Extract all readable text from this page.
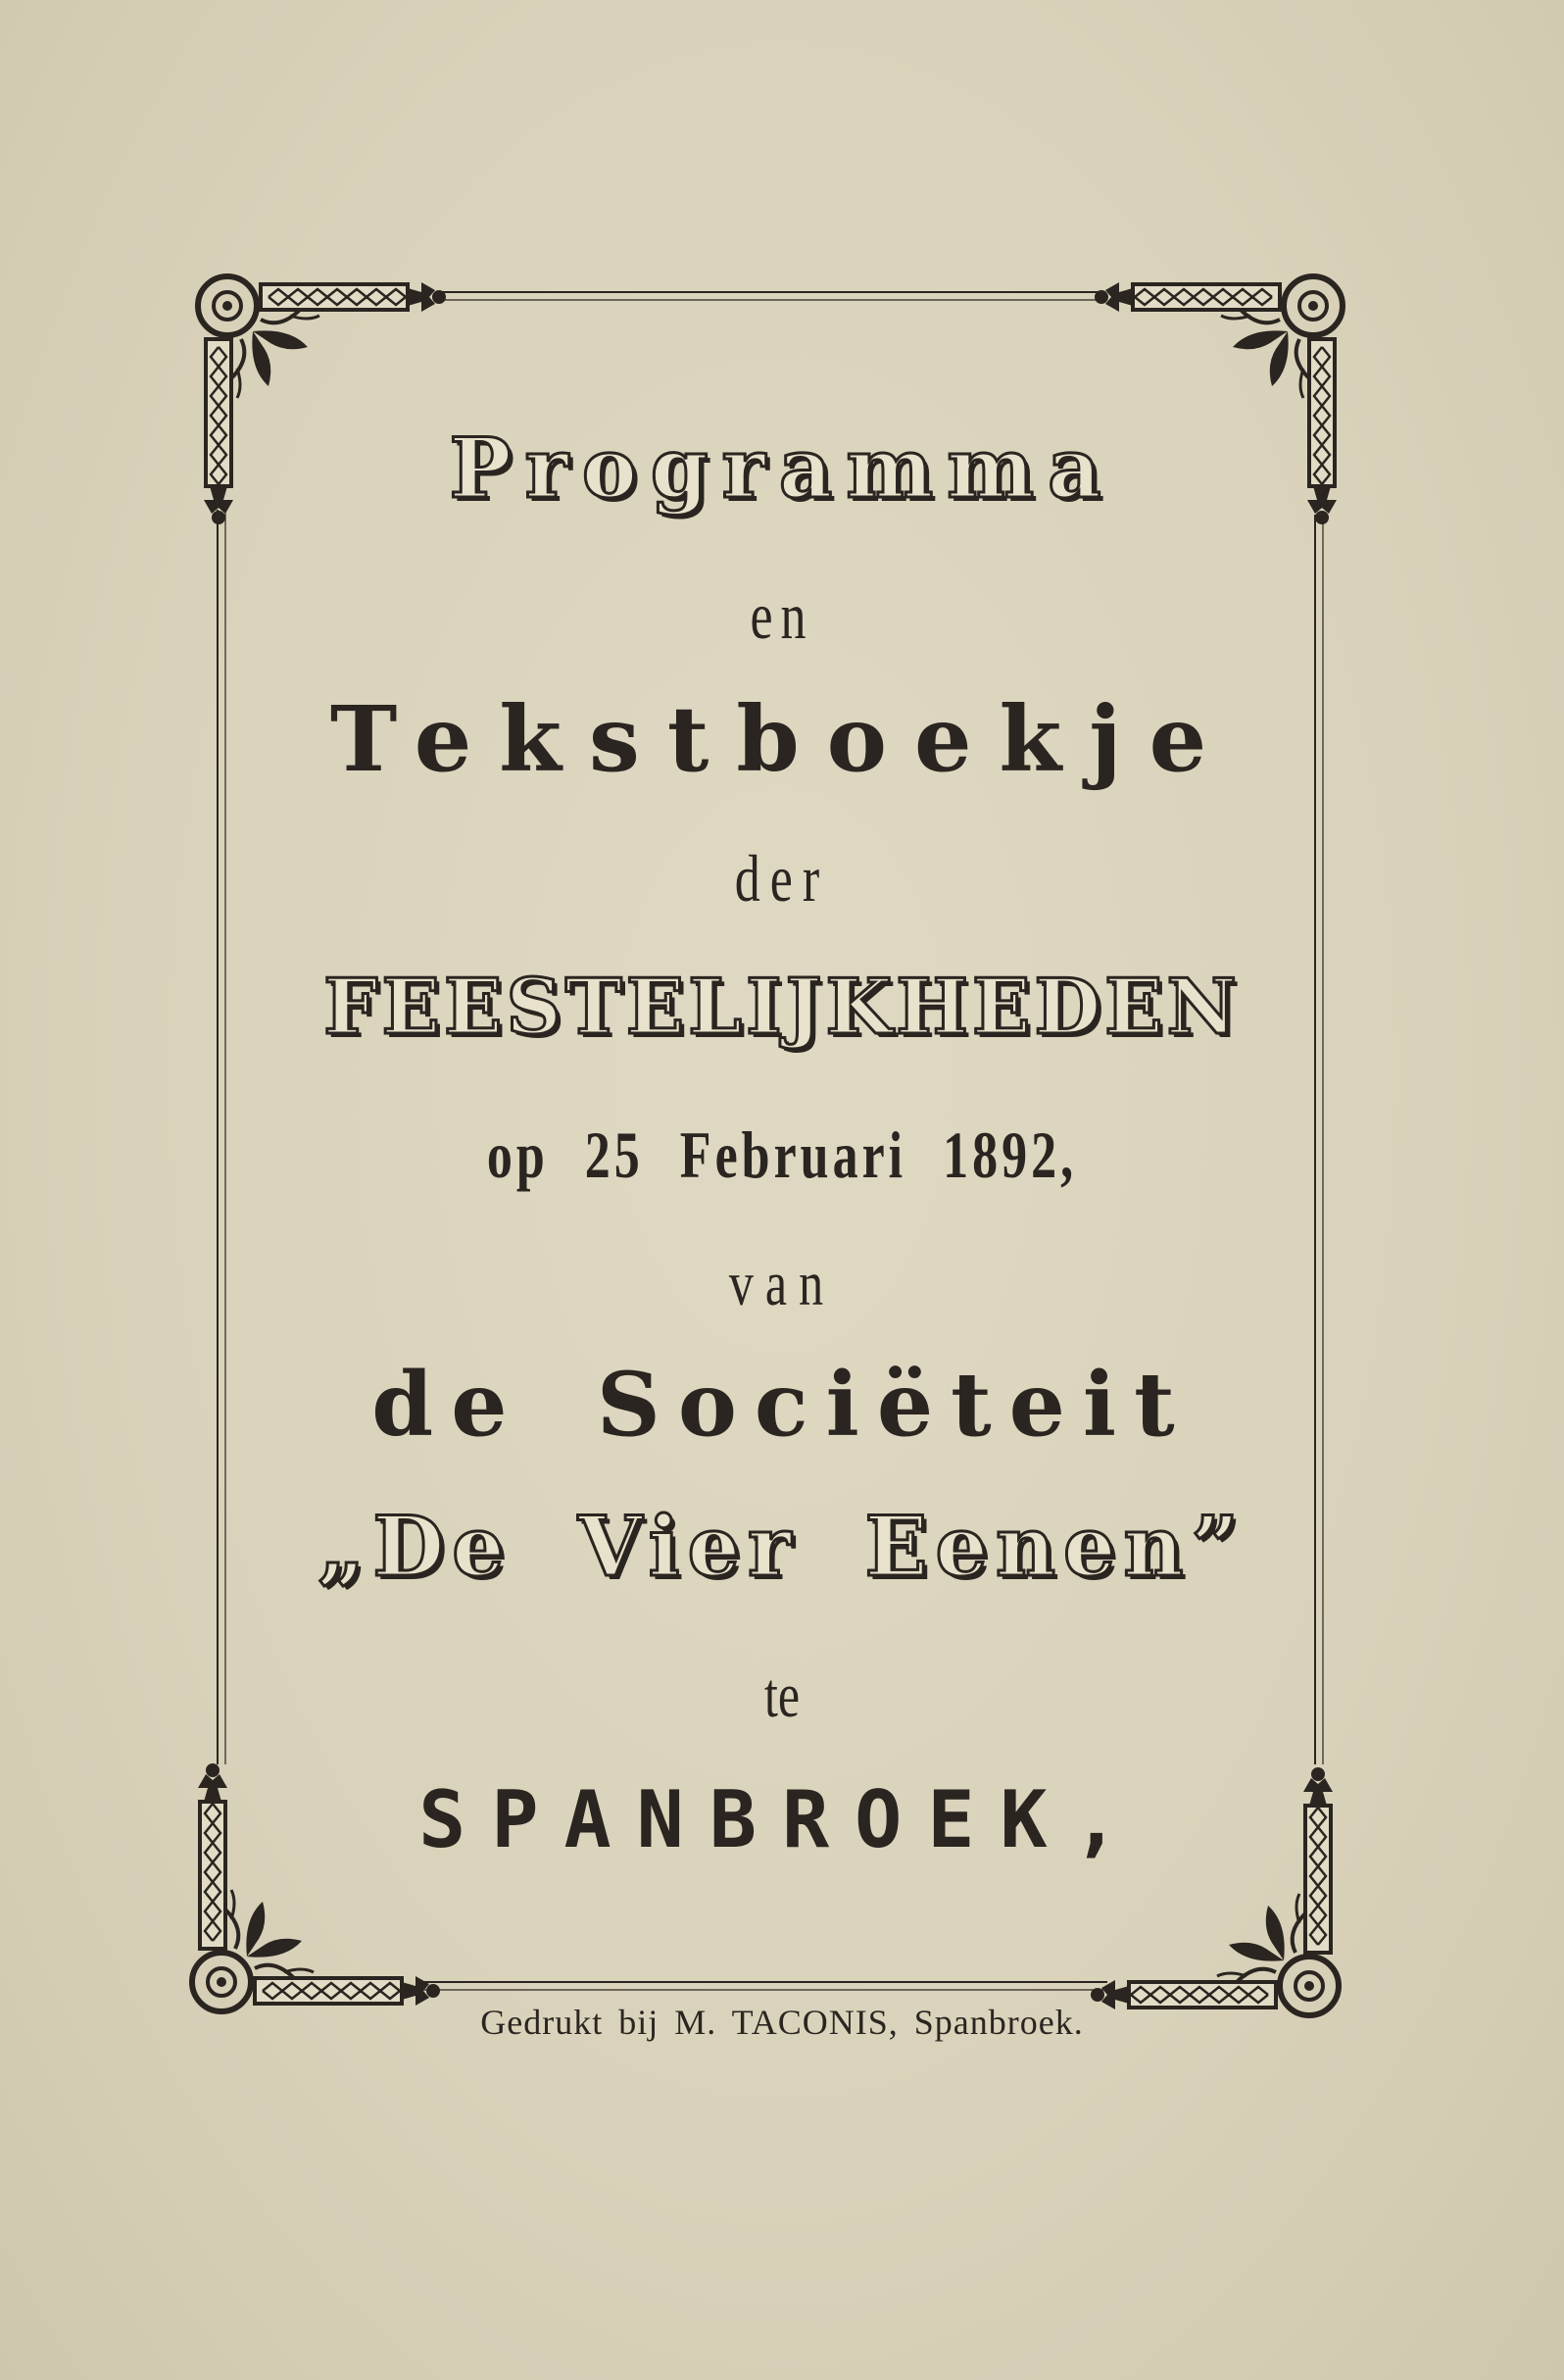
Programma
en
Tekstboekje
der
FEESTELIJKHEDEN
op 25 Februari 1892,
van
de Sociëteit
„De Vier Eenen”
te
SPANBROEK,
Gedrukt bij M. TACONIS, Spanbroek.
